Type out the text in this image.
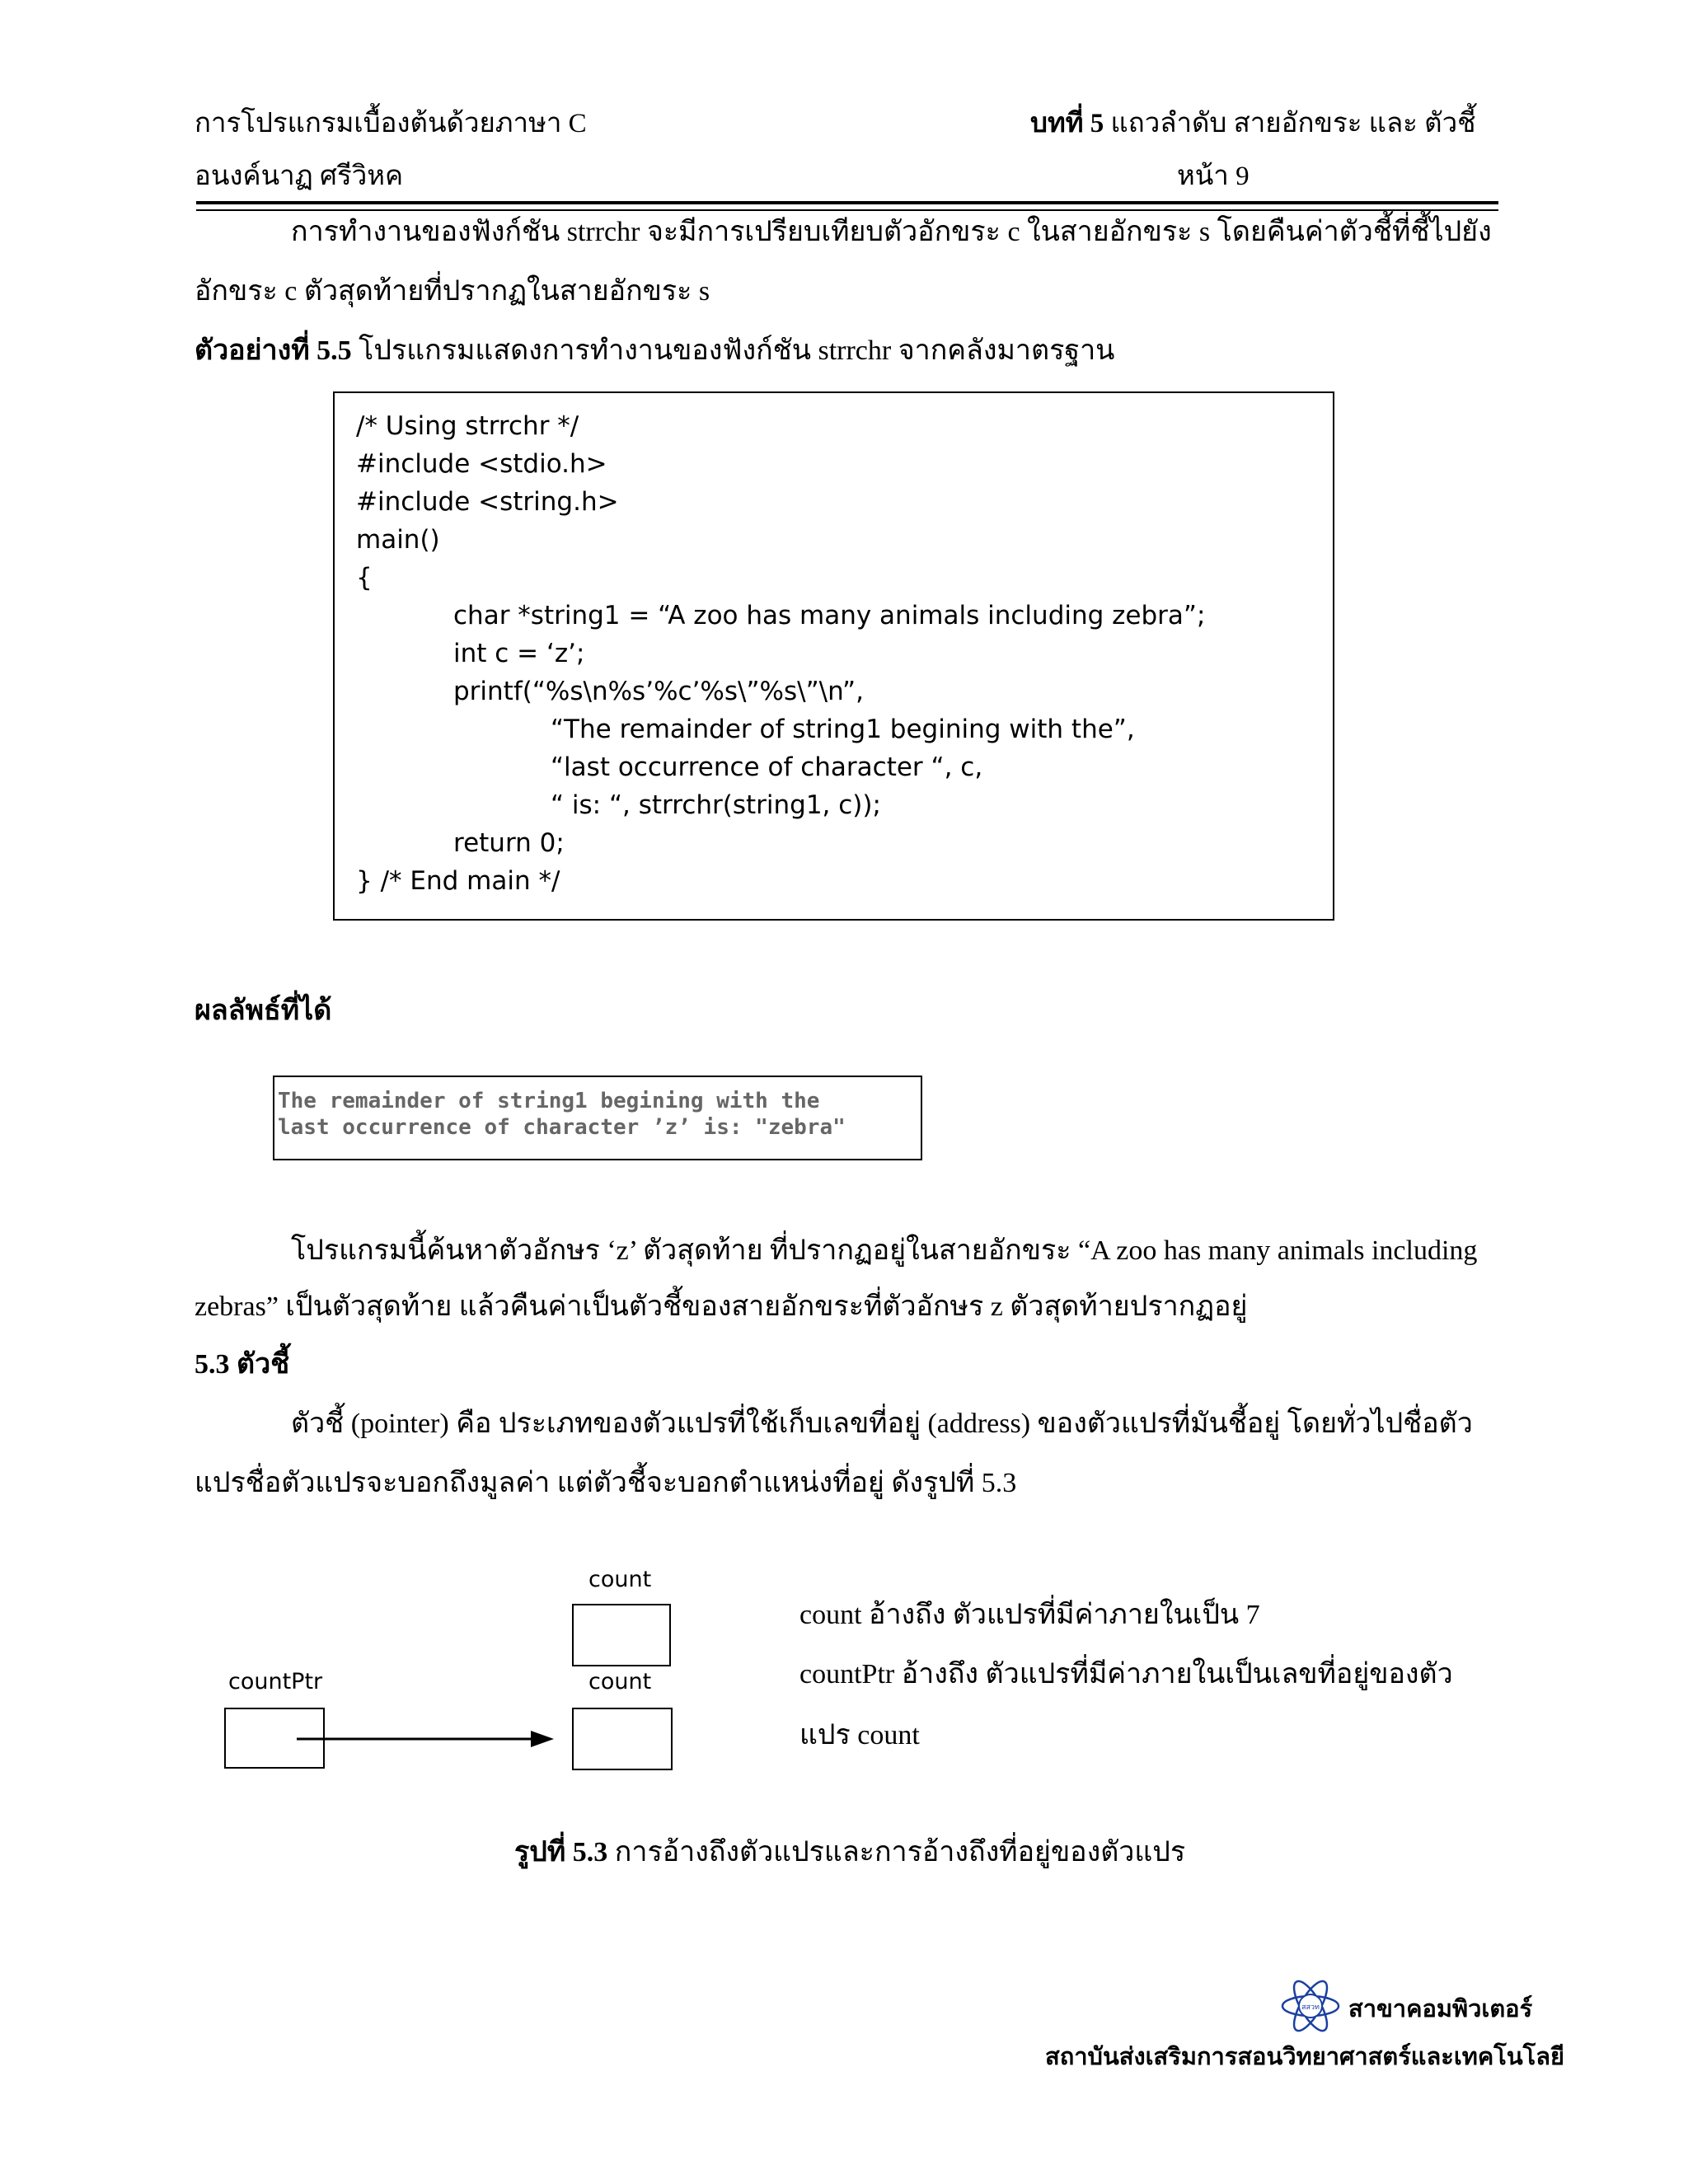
การโปรแกรมเบื้องต้นด้วยภาษา C
อนงค์นาฏ ศรีวิหค
บทที่ 5 แถวลำดับ สายอักขระ และ ตัวชี้
หน้า 9
การทำงานของฟังก์ชัน strrchr จะมีการเปรียบเทียบตัวอักขระ c ในสายอักขระ s โดยคืนค่าตัวชี้ที่ชี้ไปยัง
อักขระ c ตัวสุดท้ายที่ปรากฏในสายอักขระ s
ตัวอย่างที่ 5.5 โปรแกรมแสดงการทำงานของฟังก์ชัน strrchr จากคลังมาตรฐาน
/* Using strrchr */
#include <stdio.h>
#include <string.h>
main()
{
char *string1 = “A zoo has many animals including zebra”;
int c = ‘z’;
printf(“%s\n%s’%c’%s\”%s\”\n”,
“The remainder of string1 begining with the”,
“last occurrence of character “, c,
“ is: “, strrchr(string1, c));
return 0;
} /* End main */
ผลลัพธ์ที่ได้
The remainder of string1 begining with the
last occurrence of character ’z’ is: "zebra"
โปรแกรมนี้ค้นหาตัวอักษร ‘z’ ตัวสุดท้าย ที่ปรากฏอยู่ในสายอักขระ “A zoo has many animals including
zebras” เป็นตัวสุดท้าย แล้วคืนค่าเป็นตัวชี้ของสายอักขระที่ตัวอักษร z ตัวสุดท้ายปรากฏอยู่
5.3 ตัวชี้
ตัวชี้ (pointer) คือ ประเภทของตัวแปรที่ใช้เก็บเลขที่อยู่ (address) ของตัวแปรที่มันชี้อยู่ โดยทั่วไปชื่อตัว
แปรชื่อตัวแปรจะบอกถึงมูลค่า แต่ตัวชี้จะบอกตำแหน่งที่อยู่ ดังรูปที่ 5.3
count
countPtr	count
count อ้างถึง ตัวแปรที่มีค่าภายในเป็น 7
countPtr อ้างถึง ตัวแปรที่มีค่าภายในเป็นเลขที่อยู่ของตัว
แปร count
รูปที่ 5.3 การอ้างถึงตัวแปรและการอ้างถึงที่อยู่ของตัวแปร
สสวท สาขาคอมพิวเตอร์
สถาบันส่งเสริมการสอนวิทยาศาสตร์และเทคโนโลยี
